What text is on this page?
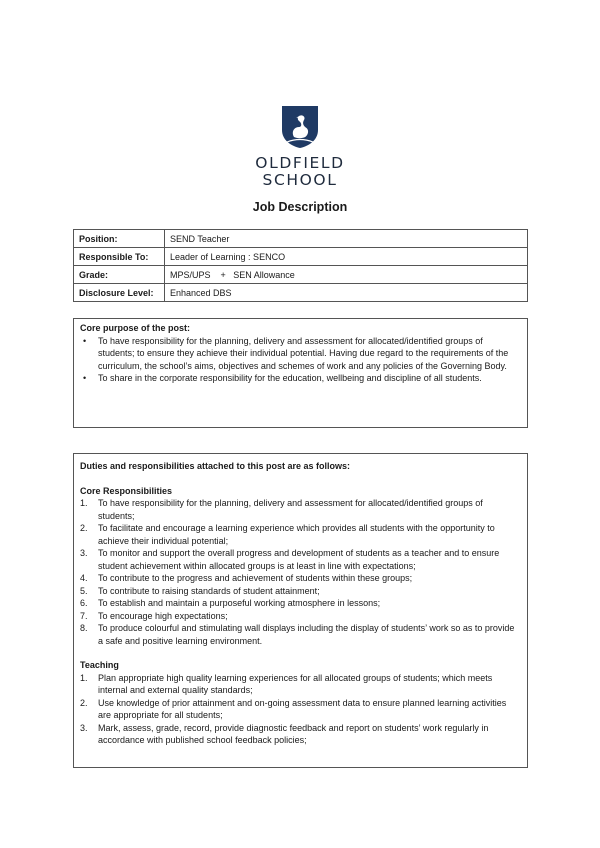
OLDFIELD
SCHOOL
Job Description
Position:	SEND Teacher
Responsible To:	Leader of Learning : SENCO
Grade:	MPS/UPS    +   SEN Allowance
Disclosure Level:	Enhanced DBS
Core purpose of the post:
• To have responsibility for the planning, delivery and assessment for allocated/identified groups of students; to ensure they achieve their individual potential. Having due regard to the requirements of the curriculum, the school’s aims, objectives and schemes of work and any policies of the Governing Body.
• To share in the corporate responsibility for the education, wellbeing and discipline of all students.
Duties and responsibilities attached to this post are as follows:
Core Responsibilities
1. To have responsibility for the planning, delivery and assessment for allocated/identified groups of students;
2. To facilitate and encourage a learning experience which provides all students with the opportunity to achieve their individual potential;
3. To monitor and support the overall progress and development of students as a teacher and to ensure student achievement within allocated groups is at least in line with expectations;
4. To contribute to the progress and achievement of students within these groups;
5. To contribute to raising standards of student attainment;
6. To establish and maintain a purposeful working atmosphere in lessons;
7. To encourage high expectations;
8. To produce colourful and stimulating wall displays including the display of students’ work so as to provide a safe and positive learning environment.
Teaching
1. Plan appropriate high quality learning experiences for all allocated groups of students; which meets internal and external quality standards;
2. Use knowledge of prior attainment and on-going assessment data to ensure planned learning activities are appropriate for all students;
3. Mark, assess, grade, record, provide diagnostic feedback and report on students’ work regularly in accordance with published school feedback policies;
